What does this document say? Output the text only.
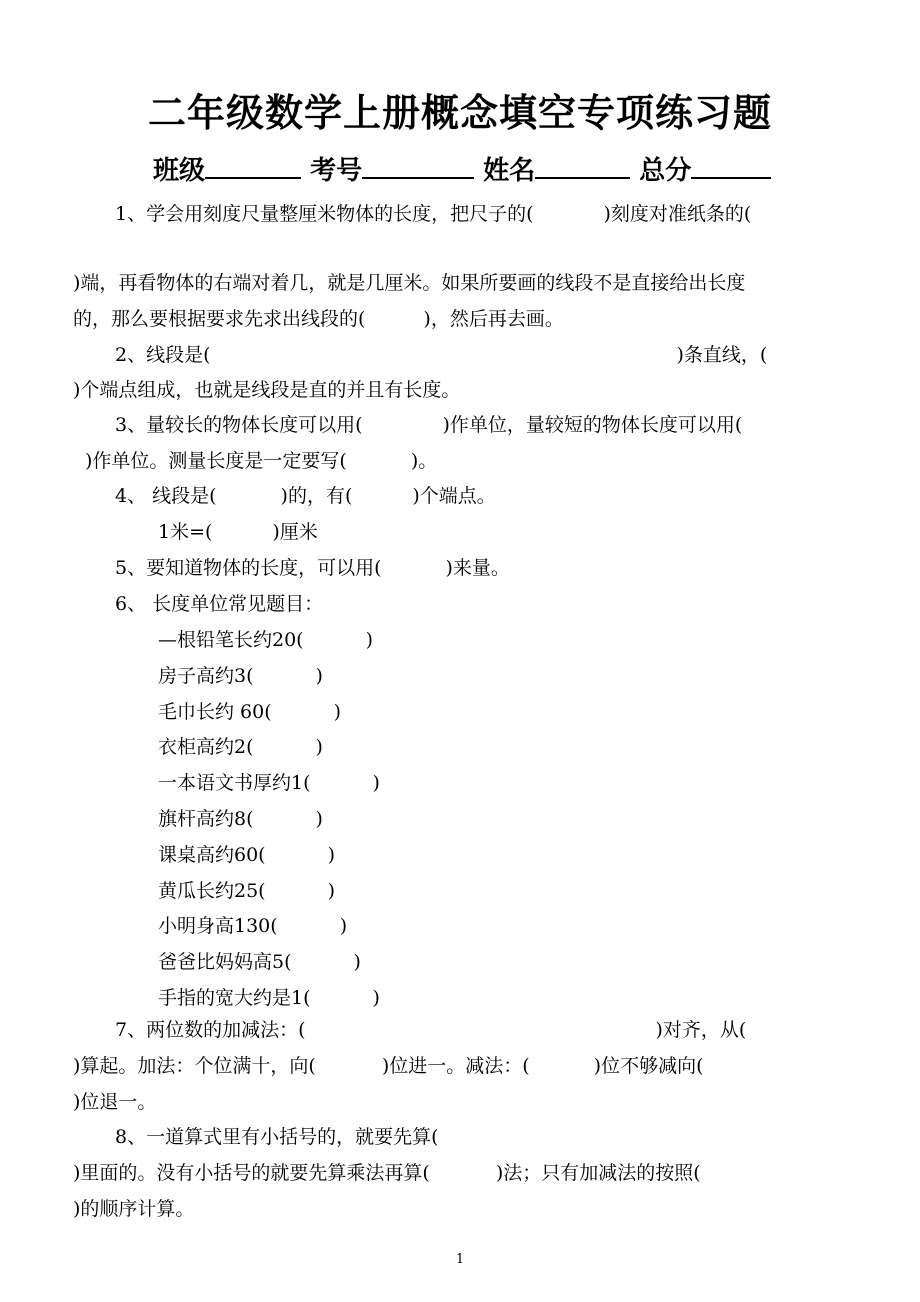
二年级数学上册概念填空专项练习题
班级	考号	姓名	总分
1、学会用刻度尺量整厘米物体的长度，把尺子的(	)刻度对准纸条的(
)端，再看物体的右端对着几，就是几厘米。如果所要画的线段不是直接给出长度
的，那么要根据要求先求出线段的(	)，然后再去画。
2、线段是(	)条直线，(
)个端点组成，也就是线段是直的并且有长度。
3、量较长的物体长度可以用(	)作单位，量较短的物体长度可以用(
)作单位。测量长度是一定要写(	)。
4、 线段是(	)的，有(	)个端点。
1米=(	)厘米
5、要知道物体的长度，可以用(	)来量。
6、 长度单位常见题目：
—根铅笔长约20(	)
房子高约3(	)
毛巾长约 60(	)
衣柜高约2(	)
一本语文书厚约1(	)
旗杆高约8(	)
课桌高约60(	)
黄瓜长约25(	)
小明身高130(	)
爸爸比妈妈高5(	)
手指的宽大约是1(	)
7、两位数的加减法：(	)对齐，从(
)算起。加法：个位满十，向(	)位进一。减法：(	)位不够减向(
)位退一。
8、一道算式里有小括号的，就要先算(
)里面的。没有小括号的就要先算乘法再算(	)法；只有加减法的按照(
)的顺序计算。
1
